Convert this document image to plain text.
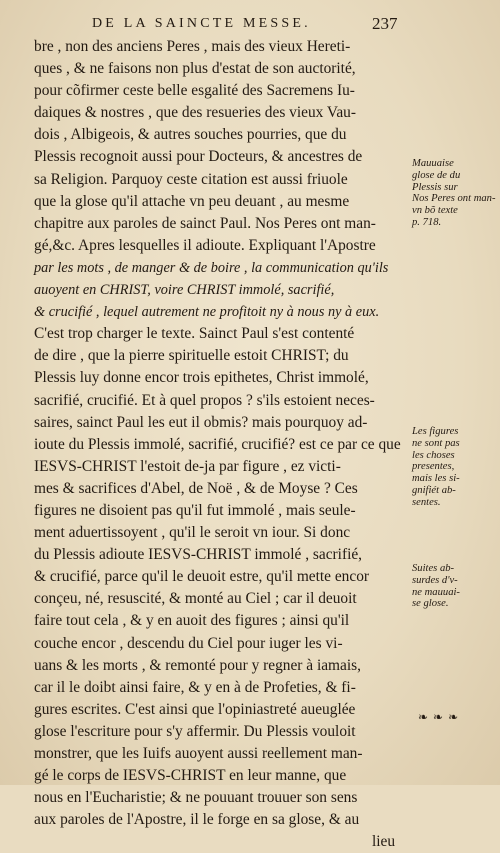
DE LA SAINCTE MESSE.	237
bre , non des anciens Peres , mais des vieux Hereti-
ques , & ne faisons non plus d'estat de son auctorité,
pour cõfirmer ceste belle esgalité des Sacremens Iu-
daiques & nostres , que des resueries des vieux Vau-
dois , Albigeois, & autres souches pourries, que du
Plessis recognoit aussi pour Docteurs, & ancestres de
sa Religion. Parquoy ceste citation est aussi friuole
que la glose qu'il attache vn peu deuant , au mesme
chapitre aux paroles de sainct Paul. Nos Peres ont man-
gé,&c. Apres lesquelles il adioute. Expliquant l'Apostre
par les mots , de manger & de boire , la communication qu'ils
auoyent en CHRIST, voire CHRIST immolé, sacrifié,
& crucifié , lequel autrement ne profitoit ny à nous ny à eux.
C'est trop charger le texte. Sainct Paul s'est contenté
de dire , que la pierre spirituelle estoit CHRIST; du
Plessis luy donne encor trois epithetes, Christ immolé,
sacrifié, crucifié. Et à quel propos ? s'ils estoient neces-
saires, sainct Paul les eut il obmis? mais pourquoy ad-
ioute du Plessis immolé, sacrifié, crucifié? est ce par ce que
IESVS-CHRIST l'estoit de-ja par figure , ez victi-
mes & sacrifices d'Abel, de Noë , & de Moyse ? Ces
figures ne disoient pas qu'il fut immolé , mais seule-
ment aduertissoyent , qu'il le seroit vn iour. Si donc
du Plessis adioute IESVS-CHRIST immolé , sacrifié,
& crucifié, parce qu'il le deuoit estre, qu'il mette encor
conçeu, né, resuscité, & monté au Ciel ; car il deuoit
faire tout cela , & y en auoit des figures ; ainsi qu'il
couche encor , descendu du Ciel pour iuger les vi-
uans & les morts , & remonté pour y regner à iamais,
car il le doibt ainsi faire, & y en à de Profeties, & fi-
gures escrites. C'est ainsi que l'opiniastreté aueuglée
glose l'escriture pour s'y affermir. Du Plessis vouloit
monstrer, que les Iuifs auoyent aussi reellement man-
gé le corps de IESVS-CHRIST en leur manne, que
nous en l'Eucharistie; & ne pouuant trouuer son sens
aux paroles de l'Apostre, il le forge en sa glose, & au
lieu
Mauuaise
glose de du
Plessis sur
Nos Peres ont man-
vn bõ texte
p. 718.
Les figures
ne sont pas
les choses
presentes,
mais les si-
gnifiét ab-
sentes.
Suites ab-
surdes d'v-
ne mauuai-
se glose.
❧ ❧ ❧
